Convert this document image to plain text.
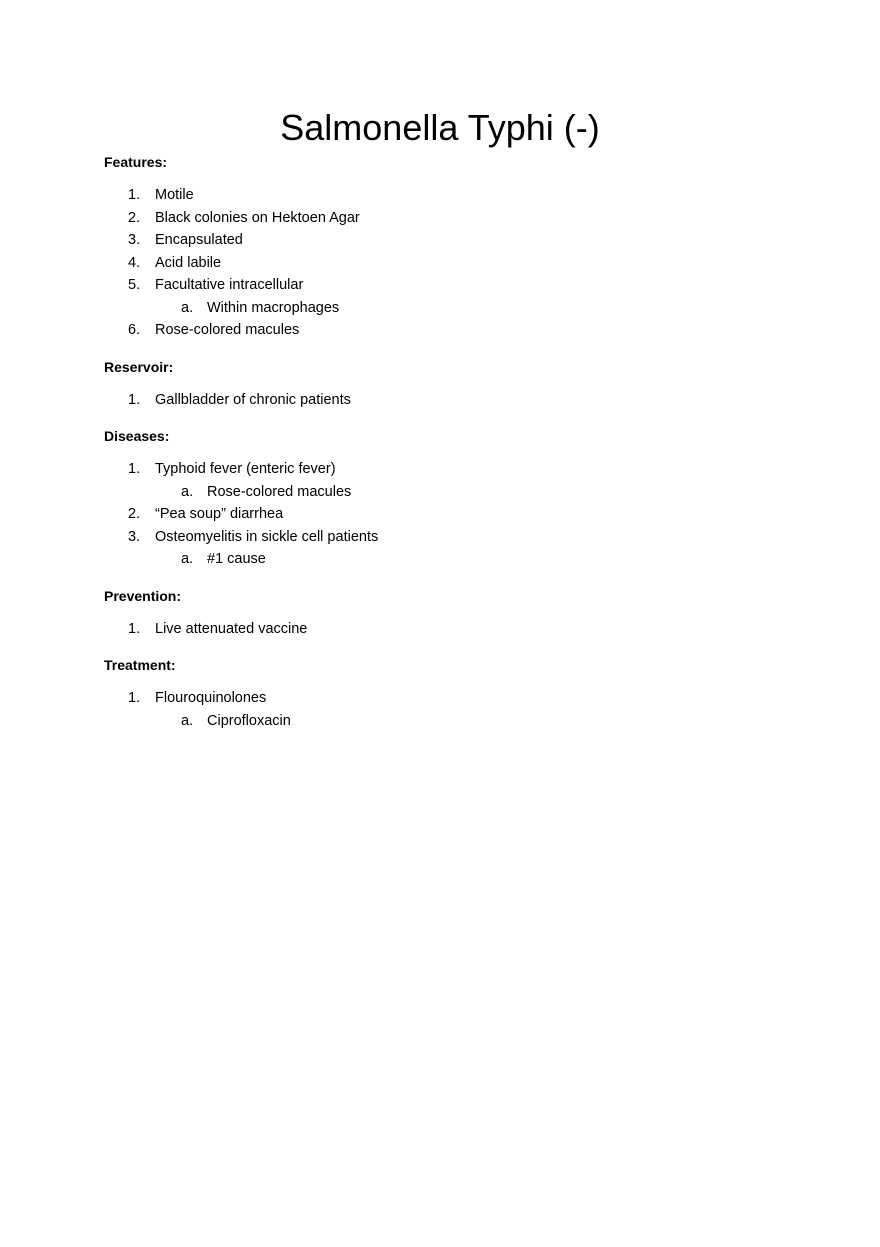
Salmonella Typhi (-)
Features:
1.	Motile
2.	Black colonies on Hektoen Agar
3.	Encapsulated
4.	Acid labile
5.	Facultative intracellular
a. Within macrophages
6.	Rose-colored macules
Reservoir:
1.	Gallbladder of chronic patients
Diseases:
1.	Typhoid fever (enteric fever)
a. Rose-colored macules
2.	“Pea soup” diarrhea
3.	Osteomyelitis in sickle cell patients
a. #1 cause
Prevention:
1.	Live attenuated vaccine
Treatment:
1.	Flouroquinolones
a. Ciprofloxacin
